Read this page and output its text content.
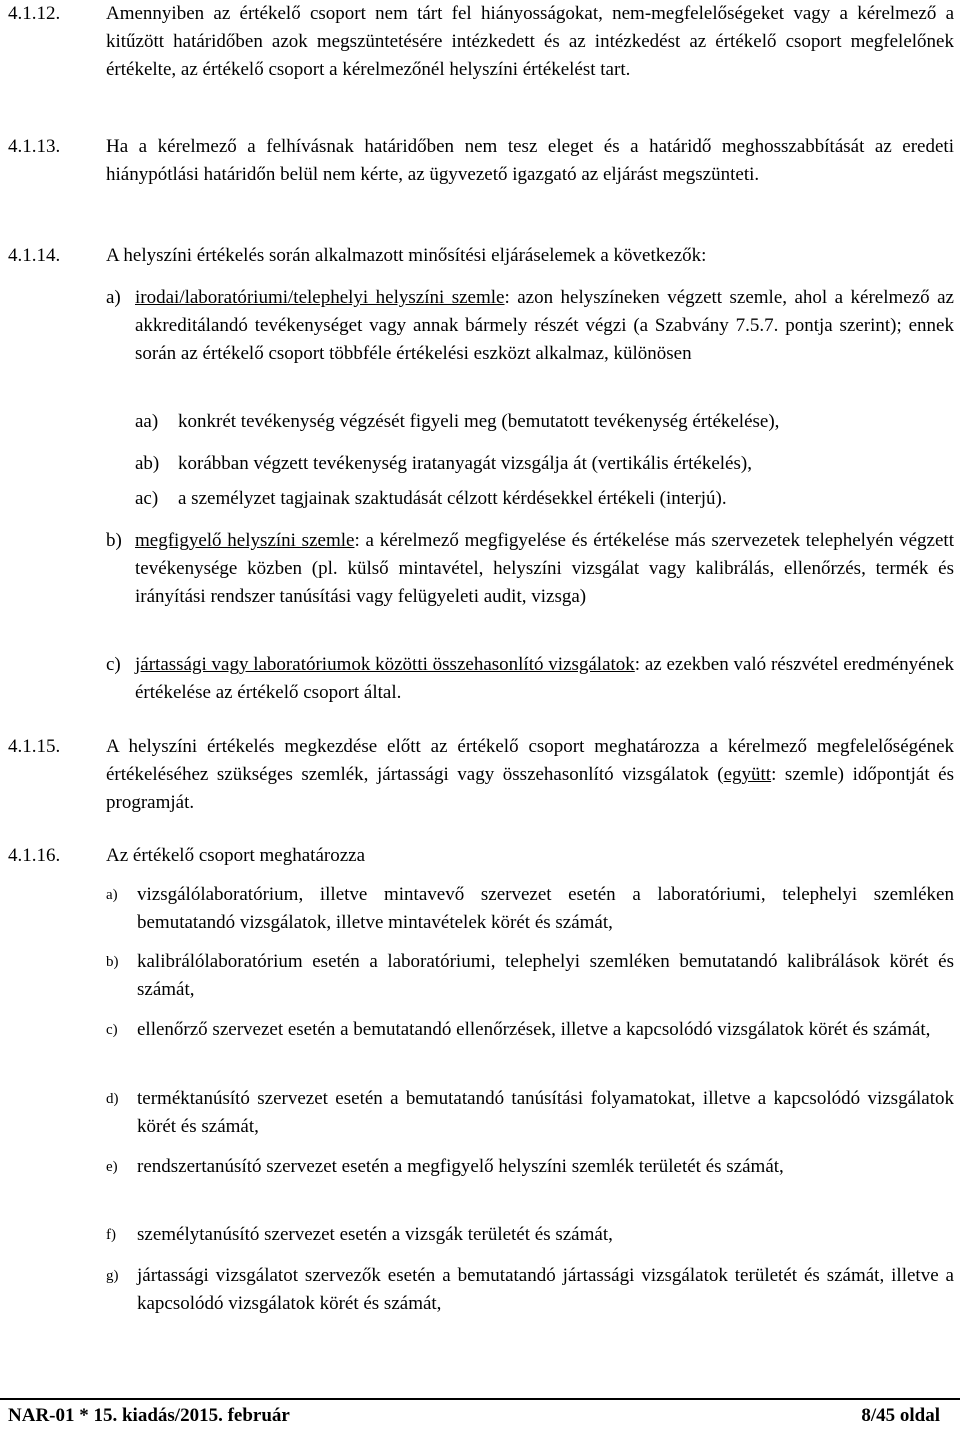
4.1.12.	Amennyiben az értékelő csoport nem tárt fel hiányosságokat, nem-megfelelőségeket vagy a kérelmező a kitűzött határidőben azok megszüntetésére intézkedett és az intézkedést az értékelő csoport megfelelőnek értékelte, az értékelő csoport a kérelmezőnél helyszíni értékelést tart.
4.1.13.	Ha a kérelmező a felhívásnak határidőben nem tesz eleget és a határidő meghosszabbítását az eredeti hiánypótlási határidőn belül nem kérte, az ügyvezető igazgató az eljárást megszünteti.
4.1.14.	A helyszíni értékelés során alkalmazott minősítési eljáráselemek a következők:
a) irodai/laboratóriumi/telephelyi helyszíni szemle: azon helyszíneken végzett szemle, ahol a kérelmező az akkreditálandó tevékenységet vagy annak bármely részét végzi (a Szabvány 7.5.7. pontja szerint); ennek során az értékelő csoport többféle értékelési eszközt alkalmaz, különösen
aa)	konkrét tevékenység végzését figyeli meg (bemutatott tevékenység értékelése),
ab) korábban végzett tevékenység iratanyagát vizsgálja át (vertikális értékelés),
ac)	a személyzet tagjainak szaktudását célzott kérdésekkel értékeli (interjú).
b) megfigyelő helyszíni szemle: a kérelmező megfigyelése és értékelése más szervezetek telephelyén végzett tevékenysége közben (pl. külső mintavétel, helyszíni vizsgálat vagy kalibrálás, ellenőrzés, termék és irányítási rendszer tanúsítási vagy felügyeleti audit, vizsga)
c) jártassági vagy laboratóriumok közötti összehasonlító vizsgálatok: az ezekben való részvétel eredményének értékelése az értékelő csoport által.
4.1.15.	A helyszíni értékelés megkezdése előtt az értékelő csoport meghatározza a kérelmező megfelelőségének értékeléséhez szükséges szemlék, jártassági vagy összehasonlító vizsgálatok (együtt: szemle) időpontját és programját.
4.1.16.	Az értékelő csoport meghatározza
a)	vizsgálólaboratórium, illetve mintavevő szervezet esetén a laboratóriumi, telephelyi szemléken bemutatandó vizsgálatok, illetve mintavételek körét és számát,
b) kalibrálólaboratórium esetén a laboratóriumi, telephelyi szemléken bemutatandó kalibrálások körét és számát,
c)	ellenőrző szervezet esetén a bemutatandó ellenőrzések, illetve a kapcsolódó vizsgálatok körét és számát,
d) terméktanúsító szervezet esetén a bemutatandó tanúsítási folyamatokat, illetve a kapcsolódó vizsgálatok körét és számát,
e)	rendszertanúsító szervezet esetén a megfigyelő helyszíni szemlék területét és számát,
f)	személytanúsító szervezet esetén a vizsgák területét és számát,
g) jártassági vizsgálatot szervezők esetén a bemutatandó jártassági vizsgálatok területét és számát, illetve a kapcsolódó vizsgálatok körét és számát,
NAR-01 * 15. kiadás/2015. február	8/45 oldal
